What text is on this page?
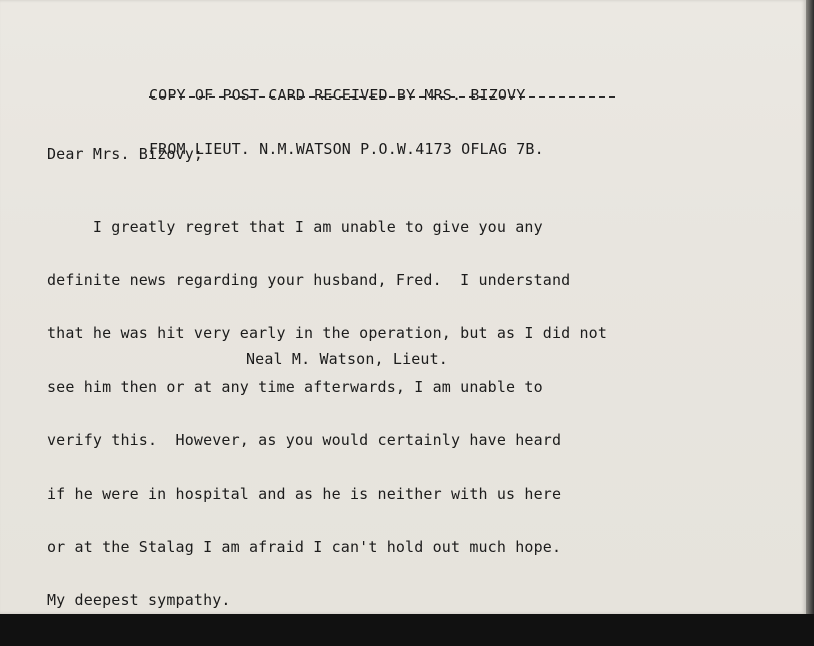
COPY OF POST CARD RECEIVED BY MRS. BIZOVY

FROM LIEUT. N.M.WATSON P.O.W.4173 OFLAG 7B.

Dear Mrs. Bizovy;

I greatly regret that I am unable to give you any

definite news regarding your husband, Fred.  I understand

that he was hit very early in the operation, but as I did not

see him then or at any time afterwards, I am unable to

verify this.  However, as you would certainly have heard

if he were in hospital and as he is neither with us here

or at the Stalag I am afraid I can't hold out much hope.

My deepest sympathy.

Neal M. Watson, Lieut.
